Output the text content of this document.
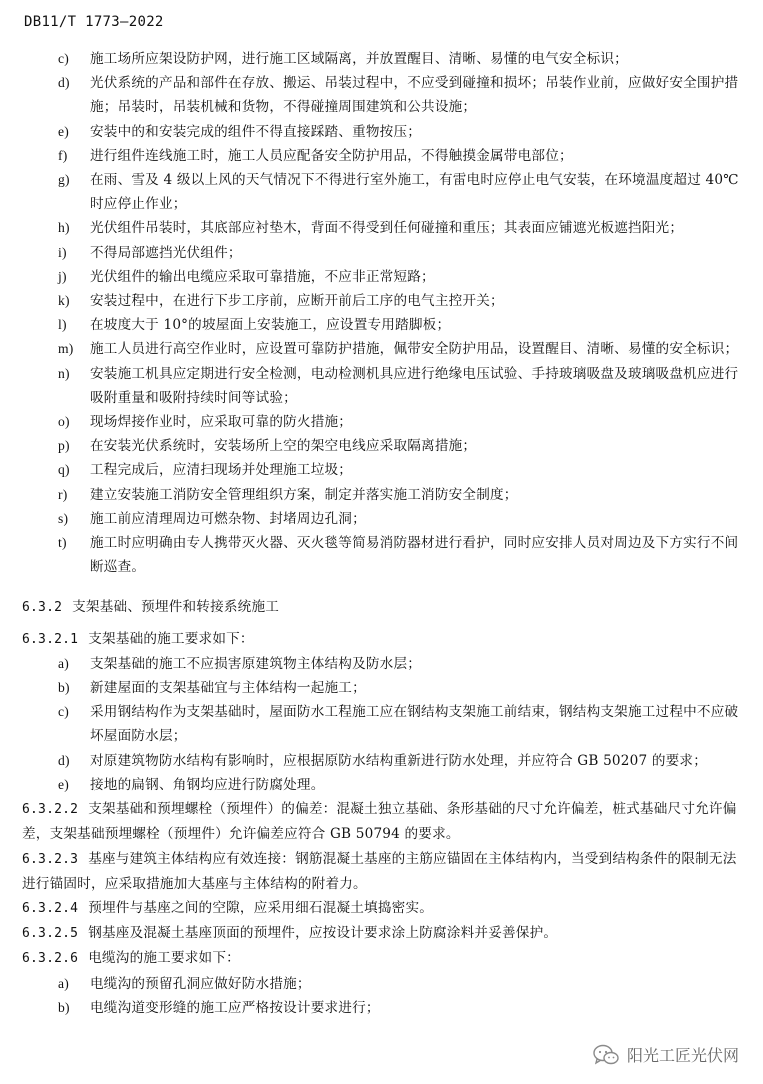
DB11/T 1773—2022
c) 施工场所应架设防护网，进行施工区域隔离，并放置醒目、清晰、易懂的电气安全标识；
d) 光伏系统的产品和部件在存放、搬运、吊装过程中，不应受到碰撞和损坏；吊装作业前，应做好安全围护措施；吊装时，吊装机械和货物，不得碰撞周围建筑和公共设施；
e) 安装中的和安装完成的组件不得直接踩踏、重物按压；
f) 进行组件连线施工时，施工人员应配备安全防护用品，不得触摸金属带电部位；
g) 在雨、雪及 4 级以上风的天气情况下不得进行室外施工，有雷电时应停止电气安装，在环境温度超过 40℃时应停止作业；
h) 光伏组件吊装时，其底部应衬垫木，背面不得受到任何碰撞和重压；其表面应铺遮光板遮挡阳光；
i) 不得局部遮挡光伏组件；
j) 光伏组件的输出电缆应采取可靠措施，不应非正常短路；
k) 安装过程中，在进行下步工序前，应断开前后工序的电气主控开关；
l) 在坡度大于 10°的坡屋面上安装施工，应设置专用踏脚板；
m) 施工人员进行高空作业时，应设置可靠防护措施，佩带安全防护用品，设置醒目、清晰、易懂的安全标识；
n) 安装施工机具应定期进行安全检测，电动检测机具应进行绝缘电压试验、手持玻璃吸盘及玻璃吸盘机应进行吸附重量和吸附持续时间等试验；
o) 现场焊接作业时，应采取可靠的防火措施；
p) 在安装光伏系统时，安装场所上空的架空电线应采取隔离措施；
q) 工程完成后，应清扫现场并处理施工垃圾；
r) 建立安装施工消防安全管理组织方案，制定并落实施工消防安全制度；
s) 施工前应清理周边可燃杂物、封堵周边孔洞；
t) 施工时应明确由专人携带灭火器、灭火毯等简易消防器材进行看护，同时应安排人员对周边及下方实行不间断巡查。
6.3.2 支架基础、预埋件和转接系统施工
6.3.2.1 支架基础的施工要求如下：
a) 支架基础的施工不应损害原建筑物主体结构及防水层；
b) 新建屋面的支架基础宜与主体结构一起施工；
c) 采用钢结构作为支架基础时，屋面防水工程施工应在钢结构支架施工前结束，钢结构支架施工过程中不应破坏屋面防水层；
d) 对原建筑物防水结构有影响时，应根据原防水结构重新进行防水处理，并应符合 GB 50207 的要求；
e) 接地的扁钢、角钢均应进行防腐处理。
6.3.2.2 支架基础和预埋螺栓（预埋件）的偏差：混凝土独立基础、条形基础的尺寸允许偏差，桩式基础尺寸允许偏差，支架基础预埋螺栓（预埋件）允许偏差应符合 GB 50794 的要求。
6.3.2.3 基座与建筑主体结构应有效连接：钢筋混凝土基座的主筋应锚固在主体结构内，当受到结构条件的限制无法进行锚固时，应采取措施加大基座与主体结构的附着力。
6.3.2.4 预埋件与基座之间的空隙，应采用细石混凝土填捣密实。
6.3.2.5 钢基座及混凝土基座顶面的预埋件，应按设计要求涂上防腐涂料并妥善保护。
6.3.2.6 电缆沟的施工要求如下：
a) 电缆沟的预留孔洞应做好防水措施；
b) 电缆沟道变形缝的施工应严格按设计要求进行；
阳光工匠光伏网
